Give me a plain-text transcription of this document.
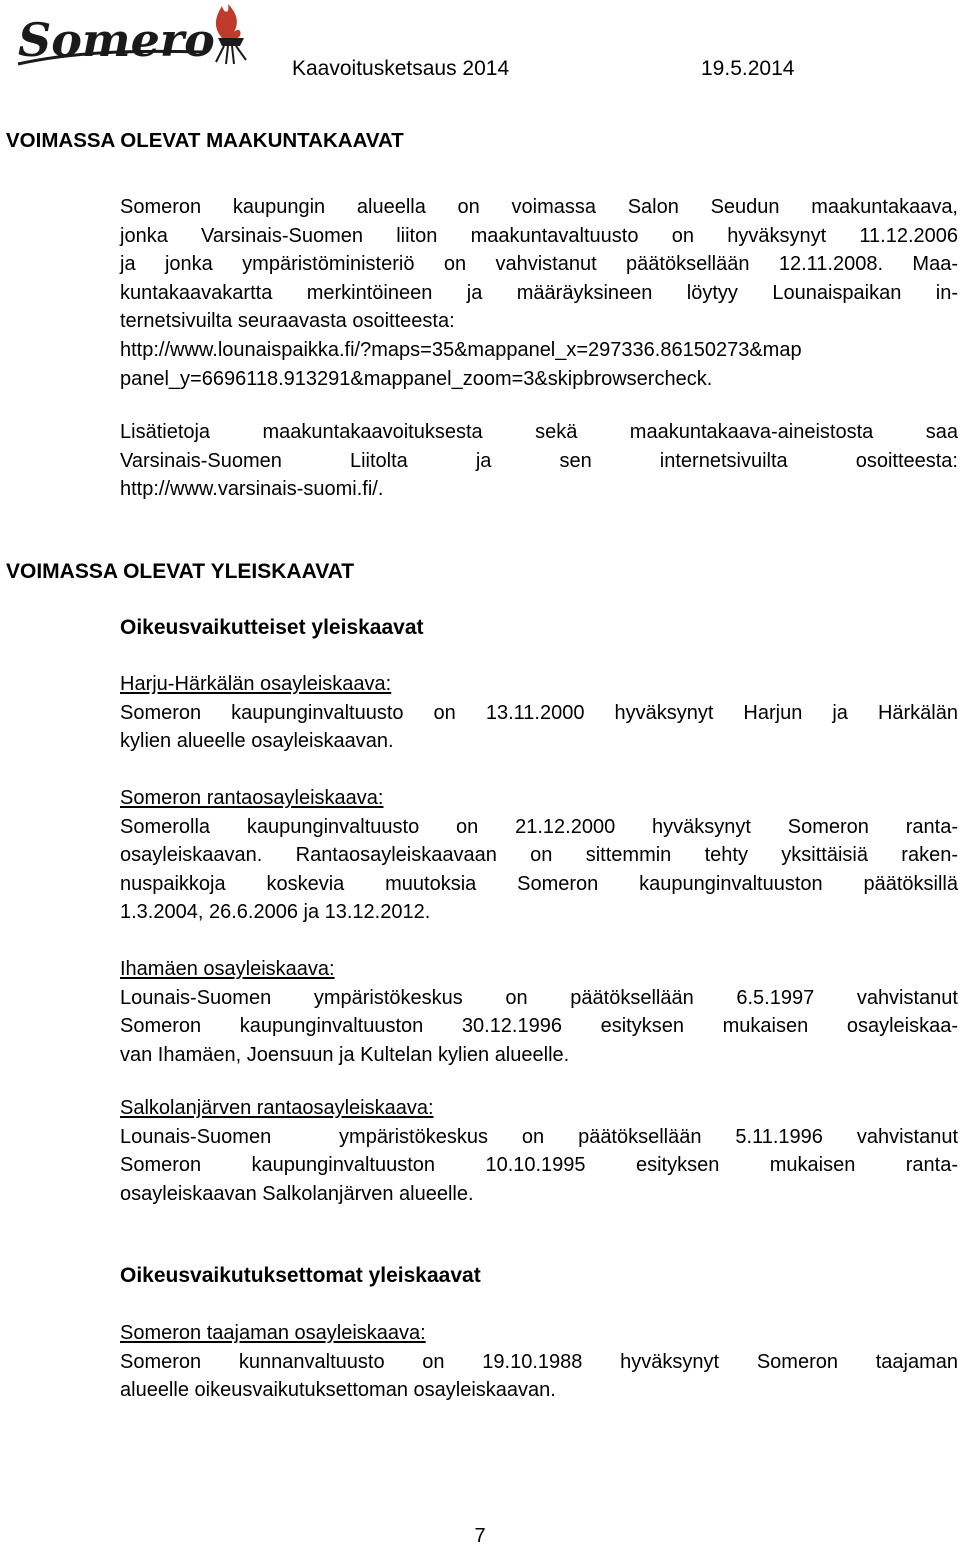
Somero
Kaavoitusketsaus 2014	19.5.2014
VOIMASSA OLEVAT MAAKUNTAKAAVAT
Someron kaupungin alueella on voimassa Salon Seudun maakuntakaava,
jonka Varsinais-Suomen liiton maakuntavaltuusto on hyväksynyt 11.12.2006
ja jonka ympäristöministeriö on vahvistanut päätöksellään 12.11.2008. Maa-
kuntakaavakartta merkintöineen ja määräyksineen löytyy Lounaispaikan in-
ternetsivuilta seuraavasta osoitteesta:
http://www.lounaispaikka.fi/?maps=35&mappanel_x=297336.86150273&map
panel_y=6696118.913291&mappanel_zoom=3&skipbrowsercheck.
Lisätietoja maakuntakaavoituksesta sekä maakuntakaava-aineistosta saa
Varsinais-Suomen Liitolta ja sen internetsivuilta osoitteesta:
http://www.varsinais-suomi.fi/.
VOIMASSA OLEVAT YLEISKAAVAT
Oikeusvaikutteiset yleiskaavat
Harju-Härkälän osayleiskaava:
Someron kaupunginvaltuusto on 13.11.2000 hyväksynyt Harjun ja Härkälän
kylien alueelle osayleiskaavan.
Someron rantaosayleiskaava:
Somerolla kaupunginvaltuusto on 21.12.2000 hyväksynyt Someron ranta-
osayleiskaavan. Rantaosayleiskaavaan on sittemmin tehty yksittäisiä raken-
nuspaikkoja koskevia muutoksia Someron kaupunginvaltuuston päätöksillä
1.3.2004, 26.6.2006 ja 13.12.2012.
Ihamäen osayleiskaava:
Lounais-Suomen ympäristökeskus on päätöksellään 6.5.1997 vahvistanut
Someron kaupunginvaltuuston 30.12.1996 esityksen mukaisen osayleiskaa-
van Ihamäen, Joensuun ja Kultelan kylien alueelle.
Salkolanjärven rantaosayleiskaava:
Lounais-Suomen  ympäristökeskus on päätöksellään 5.11.1996 vahvistanut
Someron kaupunginvaltuuston 10.10.1995 esityksen mukaisen ranta-
osayleiskaavan Salkolanjärven alueelle.
Oikeusvaikutuksettomat yleiskaavat
Someron taajaman osayleiskaava:
Someron kunnanvaltuusto on 19.10.1988 hyväksynyt Someron taajaman
alueelle oikeusvaikutuksettoman osayleiskaavan.
7
